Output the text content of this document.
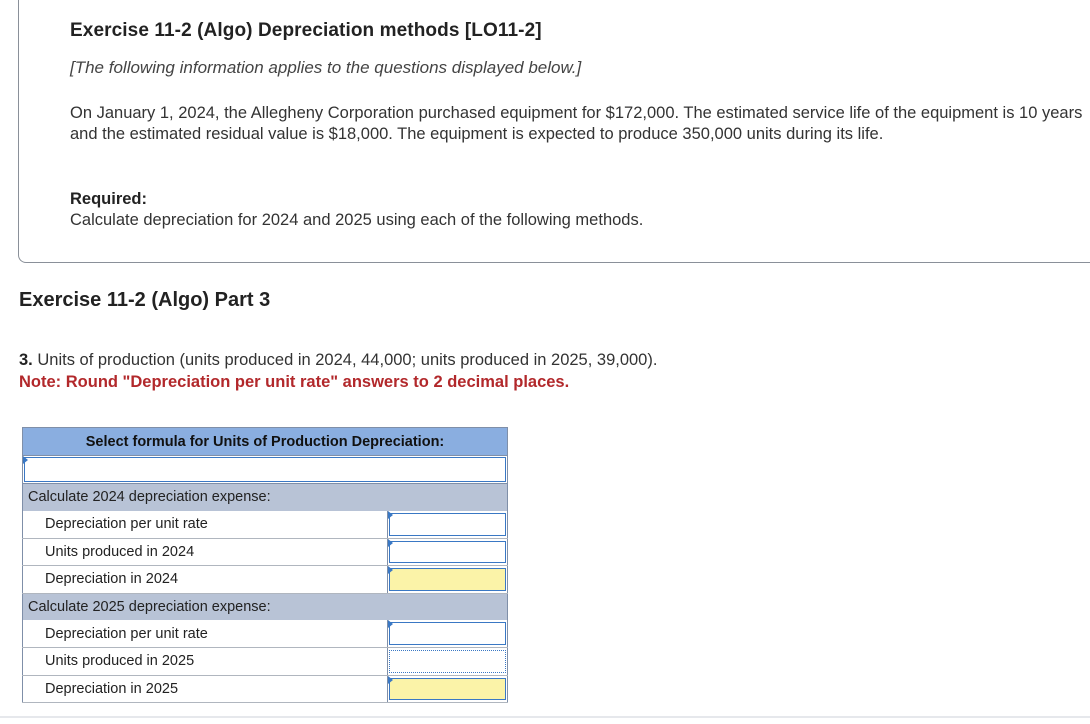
Exercise 11-2 (Algo) Depreciation methods [LO11-2]
[The following information applies to the questions displayed below.]
On January 1, 2024, the Allegheny Corporation purchased equipment for $172,000. The estimated service life of the equipment is 10 years and the estimated residual value is $18,000. The equipment is expected to produce 350,000 units during its life.
Required:
Calculate depreciation for 2024 and 2025 using each of the following methods.
Exercise 11-2 (Algo) Part 3
3. Units of production (units produced in 2024, 44,000; units produced in 2025, 39,000).
Note: Round "Depreciation per unit rate" answers to 2 decimal places.
Select formula for Units of Production Depreciation:	

Calculate 2024 depreciation expense:	
Depreciation per unit rate	

Units produced in 2024	

Depreciation in 2024	

Calculate 2025 depreciation expense:	
Depreciation per unit rate	

Units produced in 2025	

Depreciation in 2025	
